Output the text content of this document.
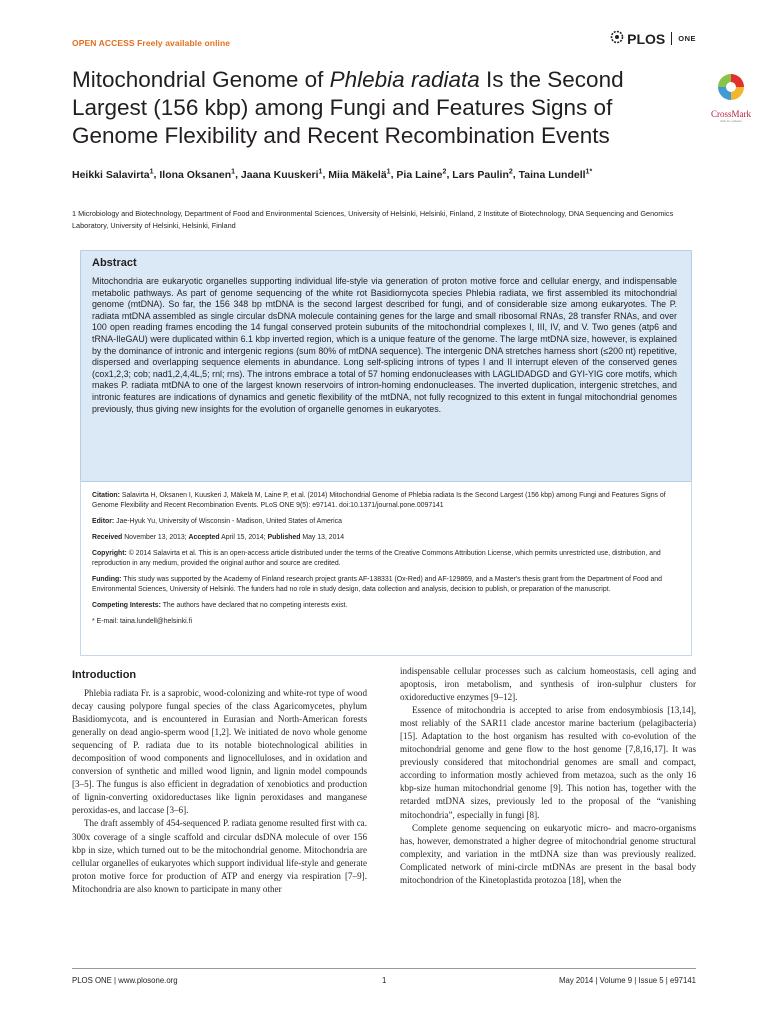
OPEN ACCESS Freely available online	PLOS ONE
Mitochondrial Genome of Phlebia radiata Is the Second Largest (156 kbp) among Fungi and Features Signs of Genome Flexibility and Recent Recombination Events
CrossMark
click for updates
Heikki Salavirta$^1$, Ilona Oksanen$^1$, Jaana Kuuskeri$^1$, Miia Mäkelä$^1$, Pia Laine$^2$, Lars Paulin$^2$, Taina Lundell$^{1*}$
1 Microbiology and Biotechnology, Department of Food and Environmental Sciences, University of Helsinki, Helsinki, Finland, 2 Institute of Biotechnology, DNA Sequencing and Genomics Laboratory, University of Helsinki, Helsinki, Finland
Abstract
Mitochondria are eukaryotic organelles supporting individual life-style via generation of proton motive force and cellular energy, and indispensable metabolic pathways. As part of genome sequencing of the white rot Basidiomycota species Phlebia radiata, we first assembled its mitochondrial genome (mtDNA). So far, the 156 348 bp mtDNA is the second largest described for fungi, and of considerable size among eukaryotes. The P. radiata mtDNA assembled as single circular dsDNA molecule containing genes for the large and small ribosomal RNAs, 28 transfer RNAs, and over 100 open reading frames encoding the 14 fungal conserved protein subunits of the mitochondrial complexes I, III, IV, and V. Two genes (atp6 and tRNA-IleGAU) were duplicated within 6.1 kbp inverted region, which is a unique feature of the genome. The large mtDNA size, however, is explained by the dominance of intronic and intergenic regions (sum 80% of mtDNA sequence). The intergenic DNA stretches harness short (≤200 nt) repetitive, dispersed and overlapping sequence elements in abundance. Long self-splicing introns of types I and II interrupt eleven of the conserved genes (cox1,2,3; cob; nad1,2,4,4L,5; rnl; rns). The introns embrace a total of 57 homing endonucleases with LAGLIDADGD and GYI-YIG core motifs, which makes P. radiata mtDNA to one of the largest known reservoirs of intron-homing endonucleases. The inverted duplication, intergenic stretches, and intronic features are indications of dynamics and genetic flexibility of the mtDNA, not fully recognized to this extent in fungal mitochondrial genomes previously, thus giving new insights for the evolution of organelle genomes in eukaryotes.

Citation: Salavirta H, Oksanen I, Kuuskeri J, Mäkelä M, Laine P, et al. (2014) Mitochondrial Genome of Phlebia radiata Is the Second Largest (156 kbp) among Fungi and Features Signs of Genome Flexibility and Recent Recombination Events. PLoS ONE 9(5): e97141. doi:10.1371/journal.pone.0097141

Editor: Jae-Hyuk Yu, University of Wisconsin - Madison, United States of America

Received November 13, 2013; Accepted April 15, 2014; Published May 13, 2014

Copyright: © 2014 Salavirta et al. This is an open-access article distributed under the terms of the Creative Commons Attribution License, which permits unrestricted use, distribution, and reproduction in any medium, provided the original author and source are credited.

Funding: This study was supported by the Academy of Finland research project grants AF-138331 (Ox-Red) and AF-129869, and a Master's thesis grant from the Department of Food and Environmental Sciences, University of Helsinki. The funders had no role in study design, data collection and analysis, decision to publish, or preparation of the manuscript.

Competing Interests: The authors have declared that no competing interests exist.

* E-mail: taina.lundell@helsinki.fi

Introduction

Phlebia radiata Fr. is a saprobic, wood-colonizing and white-rot type of wood decay causing polypore fungal species of the class Agaricomycetes, phylum Basidiomycota, and is encountered in Eurasian and North-American forests generally on dead angio-sperm wood [1,2]. We initiated de novo whole genome sequencing of P. radiata due to its notable biotechnological abilities in decomposition of wood components and lignocelluloses, and in oxidation and conversion of synthetic and milled wood lignin, and lignin model compounds [3–5]. The fungus is also efficient in degradation of xenobiotics and production of lignin-converting oxidoreductases like lignin peroxidases and manganese peroxidas-es, and laccase [3–6].

The draft assembly of 454-sequenced P. radiata genome resulted first with ca. 300x coverage of a single scaffold and circular dsDNA molecule of over 156 kbp in size, which turned out to be the mitochondrial genome. Mitochondria are cellular organelles of eukaryotes which support individual life-style and generate proton motive force for production of ATP and energy via respiration [7–9]. Mitochondria are also known to participate in many other

indispensable cellular processes such as calcium homeostasis, cell aging and apoptosis, iron metabolism, and synthesis of iron-sulphur clusters for oxidoreductive enzymes [9–12].

Essence of mitochondria is accepted to arise from endosymbiosis [13,14], most reliably of the SAR11 clade ancestor marine bacterium (pelagibacteria) [15]. Adaptation to the host organism has resulted with co-evolution of the mitochondrial genome and gene flow to the host genome [7,8,16,17]. It was previously considered that mitochondrial genomes are small and compact, according to information mostly achieved from metazoa, such as the only 16 kbp-size human mitochondrial genome [9]. This notion has, together with the retarded mtDNA sizes, previously led to the proposal of the “vanishing mitochondria”, especially in fungi [8].

Complete genome sequencing on eukaryotic micro- and macro-organisms has, however, demonstrated a higher degree of mitochondrial genome structural complexity, and variation in the mtDNA size than was previously realized. Complicated network of mini-circle mtDNAs are present in the basal body mitochondrion of the Kinetoplastida protozoa [18], when the

PLOS ONE | www.plosone.org	1	May 2014 | Volume 9 | Issue 5 | e97141
